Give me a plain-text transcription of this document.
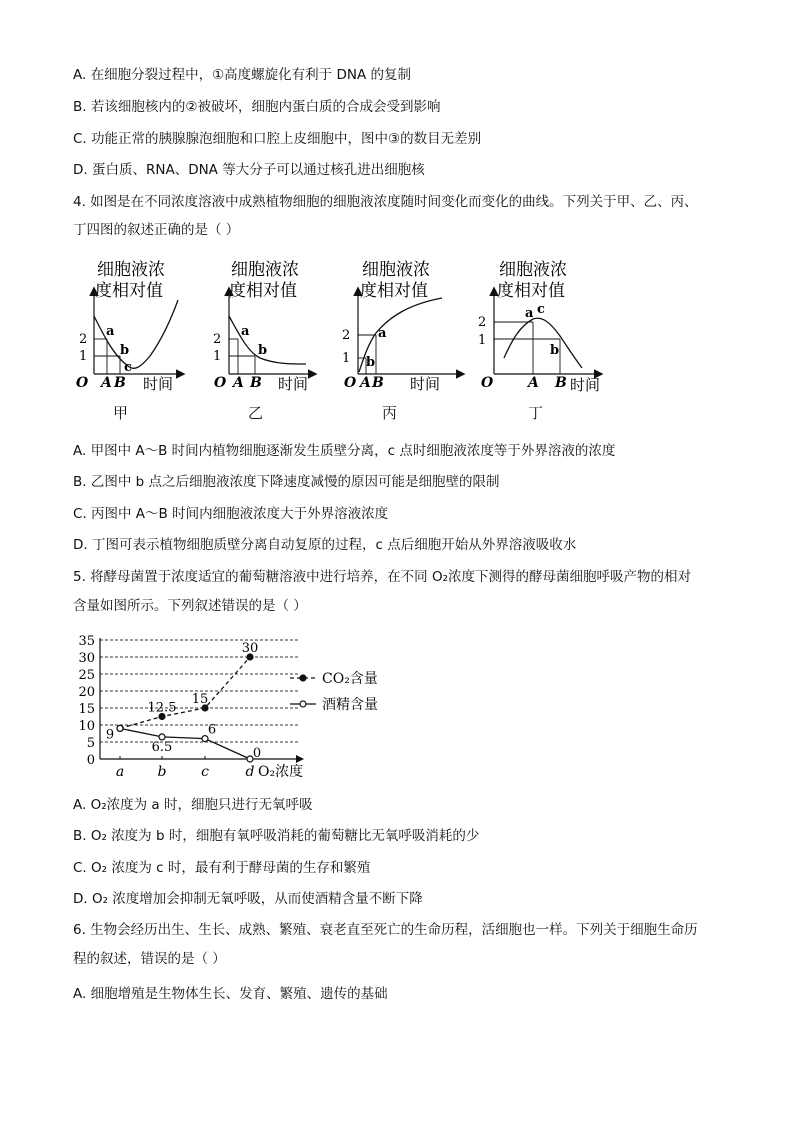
A. 在细胞分裂过程中，①高度螺旋化有利于 DNA 的复制
B. 若该细胞核内的②被破坏，细胞内蛋白质的合成会受到影响
C. 功能正常的胰腺腺泡细胞和口腔上皮细胞中，图中③的数目无差别
D. 蛋白质、RNA、DNA 等大分子可以通过核孔进出细胞核
4. 如图是在不同浓度溶液中成熟植物细胞的细胞液浓度随时间变化而变化的曲线。下列关于甲、乙、丙、
丁四图的叙述正确的是（ ）
细胞液浓
度相对值
2
1
a
b
c
O A B 时间
细胞液浓
度相对值
2
1
a
b
O A B 时间
细胞液浓
度相对值
2
1
a
b
O A B 时间
细胞液浓
度相对值
2
1
a c
b
O A B 时间
甲	乙	丙	丁
A. 甲图中 A～B 时间内植物细胞逐渐发生质壁分离，c 点时细胞液浓度等于外界溶液的浓度
B. 乙图中 b 点之后细胞液浓度下降速度减慢的原因可能是细胞壁的限制
C. 丙图中 A～B 时间内细胞液浓度大于外界溶液浓度
D. 丁图可表示植物细胞质壁分离自动复原的过程，c 点后细胞开始从外界溶液吸收水
5. 将酵母菌置于浓度适宜的葡萄糖溶液中进行培养，在不同 O₂浓度下测得的酵母菌细胞呼吸产物的相对
含量如图所示。下列叙述错误的是（ ）
0
5
10
15
20
25
30
35
a b c	d O₂浓度
9
12.5
15
30
6.5
6
0
CO₂含量
酒精含量
A. O₂浓度为 a 时，细胞只进行无氧呼吸
B. O₂ 浓度为 b 时，细胞有氧呼吸消耗的葡萄糖比无氧呼吸消耗的少
C. O₂ 浓度为 c 时，最有利于酵母菌的生存和繁殖
D. O₂ 浓度增加会抑制无氧呼吸，从而使酒精含量不断下降
6. 生物会经历出生、生长、成熟、繁殖、衰老直至死亡的生命历程，活细胞也一样。下列关于细胞生命历
程的叙述，错误的是（ ）
A. 细胞增殖是生物体生长、发育、繁殖、遗传的基础
